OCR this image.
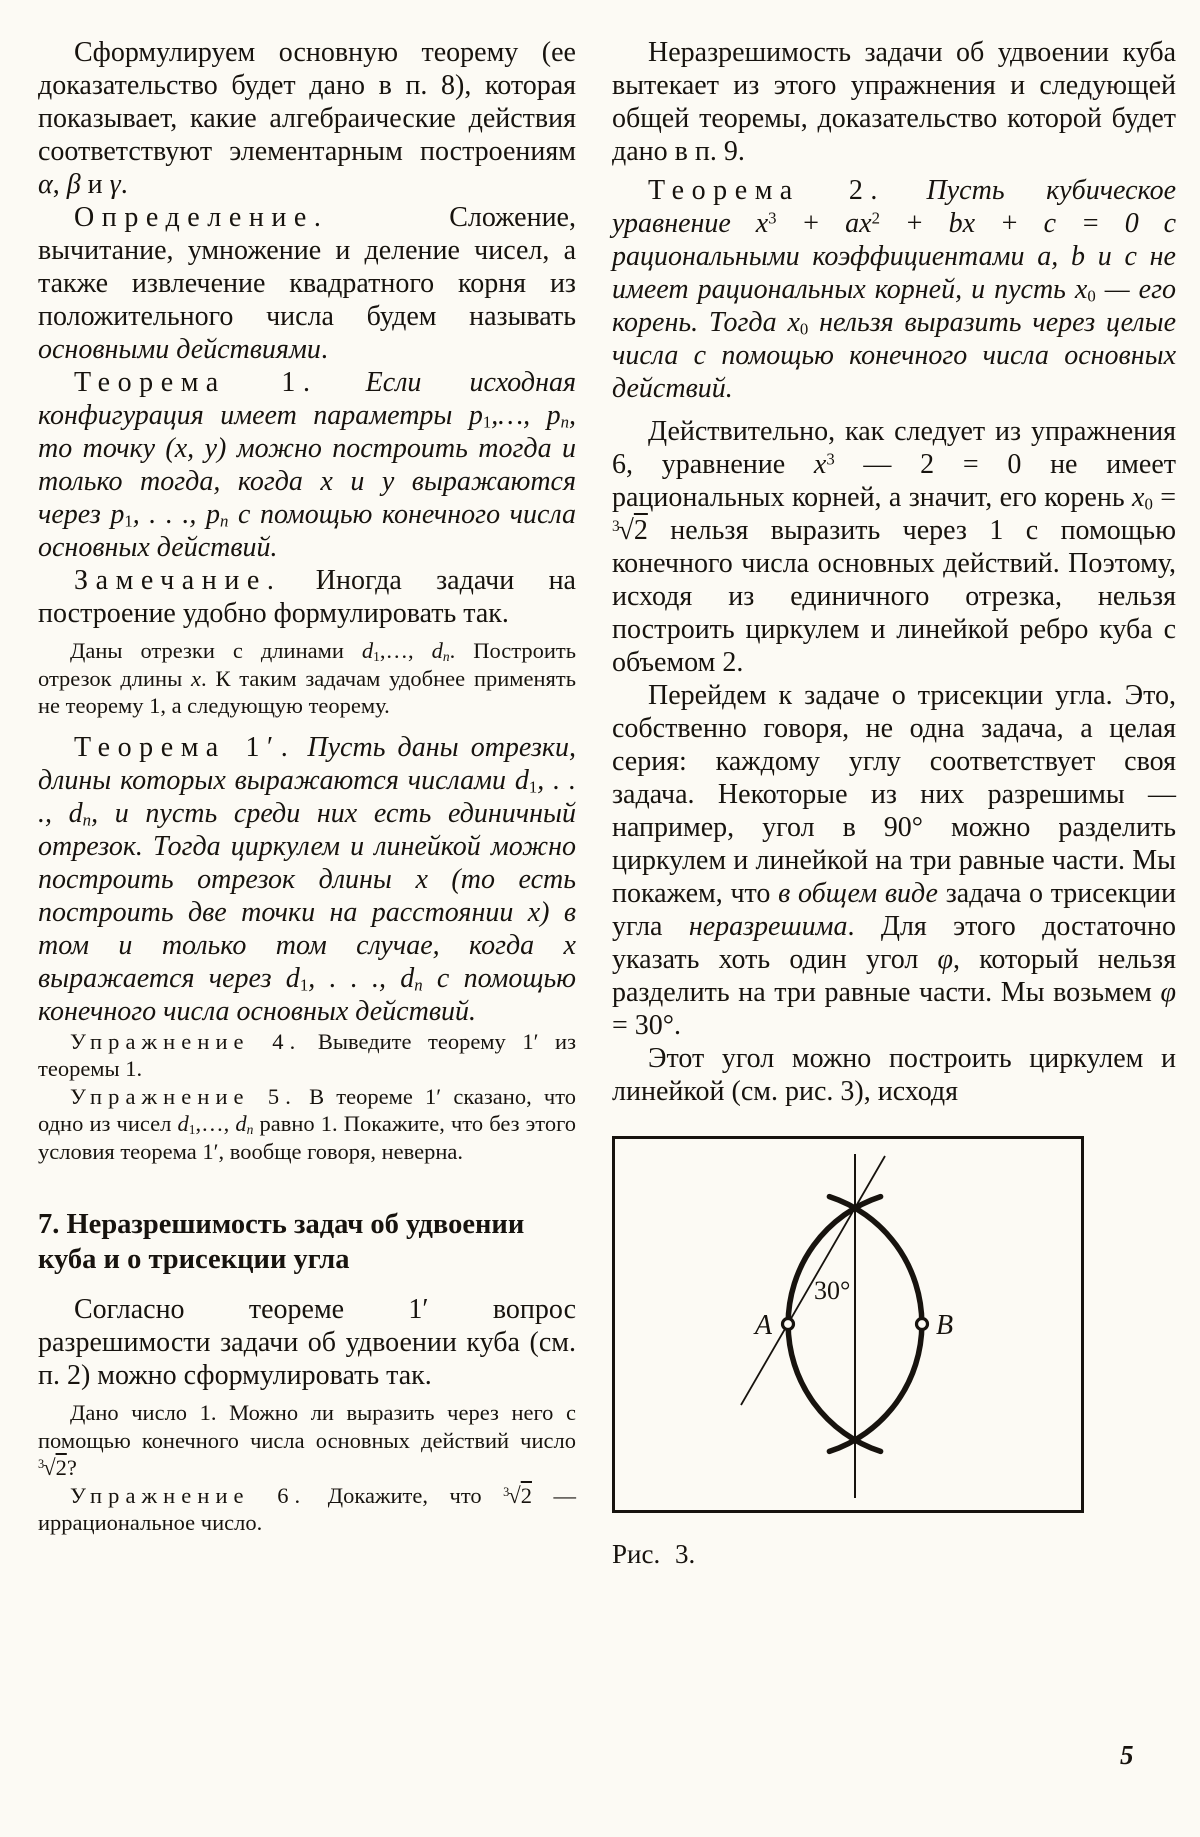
Сформулируем основную теорему (ее доказательство будет дано в п. 8), которая показывает, какие алгебраические действия соответствуют элементарным построениям α, β и γ.

Определение. Сложение, вычитание, умножение и деление чисел, а также извлечение квадратного корня из положительного числа будем называть основными действиями.

Теорема 1. Если исходная конфигурация имеет параметры p1,…, pn, то точку (x, y) можно построить тогда и только тогда, когда x и y выражаются через p1, . . ., pn с помощью конечного числа основных действий.

Замечание. Иногда задачи на построение удобно формулировать так.

Даны отрезки с длинами d1,…, dn. Построить отрезок длины x. К таким задачам удобнее применять не теорему 1, а следующую теорему.

Теорема 1′. Пусть даны отрезки, длины которых выражаются числами d1, . . ., dn, и пусть среди них есть единичный отрезок. Тогда циркулем и линейкой можно построить отрезок длины x (то есть построить две точки на расстоянии x) в том и только том случае, когда x выражается через d1, . . ., dn с помощью конечного числа основных действий.

Упражнение 4. Выведите теорему 1′ из теоремы 1.

Упражнение 5. В теореме 1′ сказано, что одно из чисел d1,…, dn равно 1. Покажите, что без этого условия теорема 1′, вообще говоря, неверна.

7. Неразрешимость задач об удвоении куба и о трисекции угла

Согласно теореме 1′ вопрос разрешимости задачи об удвоении куба (см. п. 2) можно сформулировать так.

Дано число 1. Можно ли выразить через него с помощью конечного числа основных действий число $^3$√2?

Упражнение 6. Докажите, что $^3$√2 — иррациональное число.

Неразрешимость задачи об удвоении куба вытекает из этого упражнения и следующей общей теоремы, доказательство которой будет дано в п. 9.

Теорема 2. Пусть кубическое уравнение $x^3 + ax^2$ + bx + c = 0 с рациональными коэффициентами a, b и c не имеет рациональных корней, и пусть x0 — его корень. Тогда x0 нельзя выразить через целые числа с помощью конечного числа основных действий.

Действительно, как следует из упражнения 6, уравнение $x^3$ — 2 = 0 не имеет рациональных корней, а значит, его корень x0 = $^3$√2 нельзя выразить через 1 с помощью конечного числа основных действий. Поэтому, исходя из единичного отрезка, нельзя построить циркулем и линейкой ребро куба с объемом 2.

Перейдем к задаче о трисекции угла. Это, собственно говоря, не одна задача, а целая серия: каждому углу соответствует своя задача. Некоторые из них разрешимы — например, угол в 90° можно разделить циркулем и линейкой на три равные части. Мы покажем, что в общем виде задача о трисекции угла неразрешима. Для этого достаточно указать хоть один угол φ, который нельзя разделить на три равные части. Мы возьмем φ = 30°.

Этот угол можно построить циркулем и линейкой (см. рис. 3), исходя

A	B
30°
Рис. 3.
5
